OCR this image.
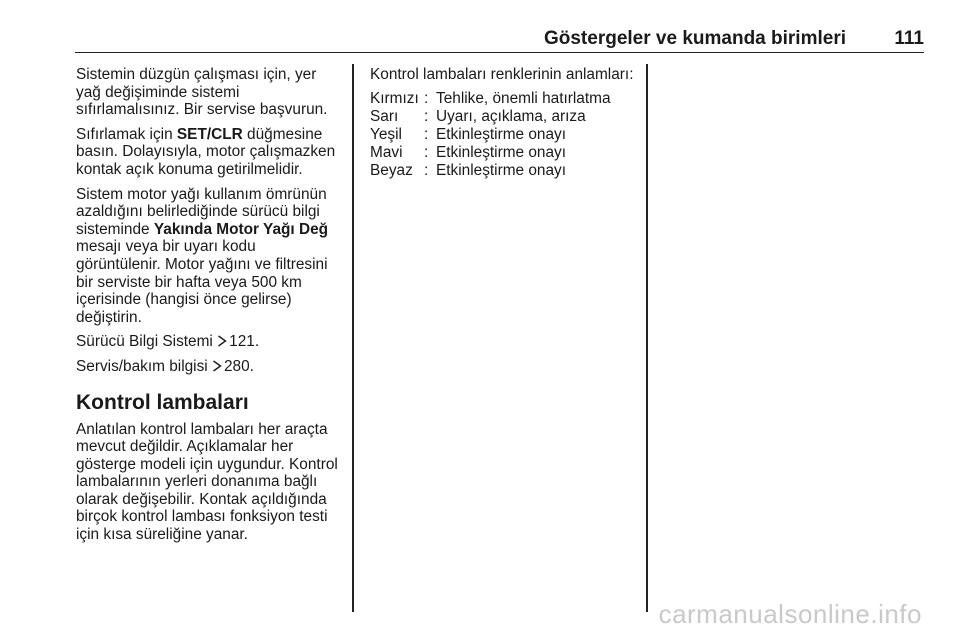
Göstergeler ve kumanda birimleri	111

Sistemin düzgün çalışması için, yer yağ değişiminde sistemi sıfırlamalısınız. Bir servise başvurun.

Sıfırlamak için SET/CLR düğmesine basın. Dolayısıyla, motor çalışmazken kontak açık konuma getirilmelidir.

Sistem motor yağı kullanım ömrünün azaldığını belirlediğinde sürücü bilgi sisteminde Yakında Motor Yağı Değ mesajı veya bir uyarı kodu görüntülenir. Motor yağını ve filtresini bir serviste bir hafta veya 500 km içerisinde (hangisi önce gelirse) değiştirin.

Sürücü Bilgi Sistemi 121.

Servis/bakım bilgisi 280.

Kontrol lambaları

Anlatılan kontrol lambaları her araçta mevcut değildir. Açıklamalar her gösterge modeli için uygundur. Kontrol lambalarının yerleri donanıma bağlı olarak değişebilir. Kontak açıldığında birçok kontrol lambası fonksiyon testi için kısa süreliğine yanar.

Kontrol lambaları renklerinin anlamları:

Kırmızı : Tehlike, önemli hatırlatma
Sarı	: Uyarı, açıklama, arıza
Yeşil	: Etkinleştirme onayı
Mavi	: Etkinleştirme onayı
Beyaz : Etkinleştirme onayı
carmanualsonline.info
